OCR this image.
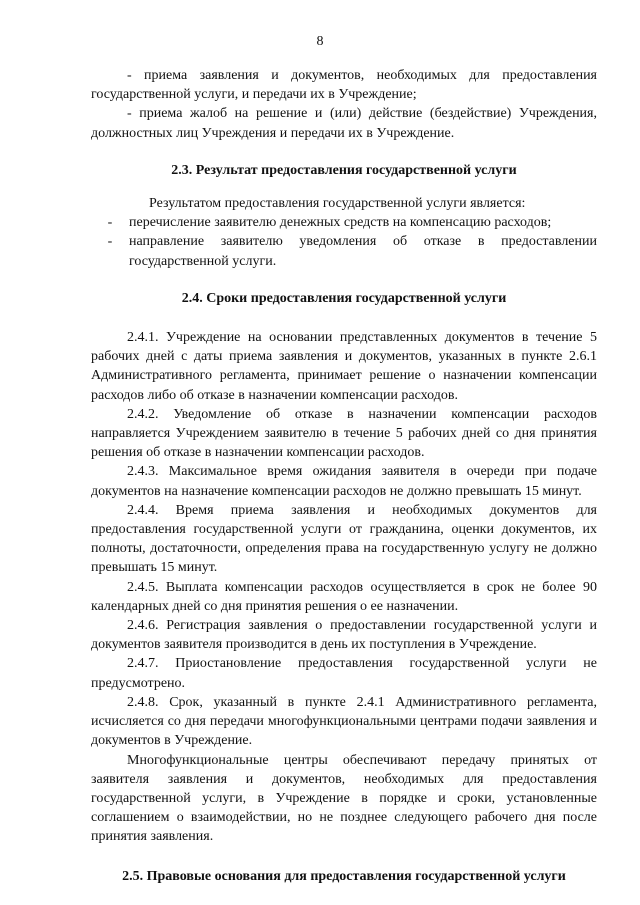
8

- приема заявления и документов, необходимых для предоставления государственной услуги, и передачи их в Учреждение;

- приема жалоб на решение и (или) действие (бездействие) Учреждения, должностных лиц Учреждения и передачи их в Учреждение.

2.3. Результат предоставления государственной услуги

Результатом предоставления государственной услуги является:

-	перечисление заявителю денежных средств на компенсацию расходов;
-	направление заявителю уведомления об отказе в предоставлении государственной услуги.

2.4. Сроки предоставления государственной услуги

2.4.1. Учреждение на основании представленных документов в течение 5 рабочих дней с даты приема заявления и документов, указанных в пункте 2.6.1 Административного регламента, принимает решение о назначении компенсации расходов либо об отказе в назначении компенсации расходов.

2.4.2. Уведомление об отказе в назначении компенсации расходов направляется Учреждением заявителю в течение 5 рабочих дней со дня принятия решения об отказе в назначении компенсации расходов.

2.4.3. Максимальное время ожидания заявителя в очереди при подаче документов на назначение компенсации расходов не должно превышать 15 минут.

2.4.4. Время приема заявления и необходимых документов для предоставления государственной услуги от гражданина, оценки документов, их полноты, достаточности, определения права на государственную услугу не должно превышать 15 минут.

2.4.5. Выплата компенсации расходов осуществляется в срок не более 90 календарных дней со дня принятия решения о ее назначении.

2.4.6. Регистрация заявления о предоставлении государственной услуги и документов заявителя производится в день их поступления в Учреждение.

2.4.7. Приостановление предоставления государственной услуги не предусмотрено.

2.4.8. Срок, указанный в пункте 2.4.1 Административного регламента, исчисляется со дня передачи многофункциональными центрами подачи заявления и документов в Учреждение.

Многофункциональные центры обеспечивают передачу принятых от заявителя заявления и документов, необходимых для предоставления государственной услуги, в Учреждение в порядке и сроки, установленные соглашением о взаимодействии, но не позднее следующего рабочего дня после принятия заявления.

2.5. Правовые основания для предоставления государственной услуги
